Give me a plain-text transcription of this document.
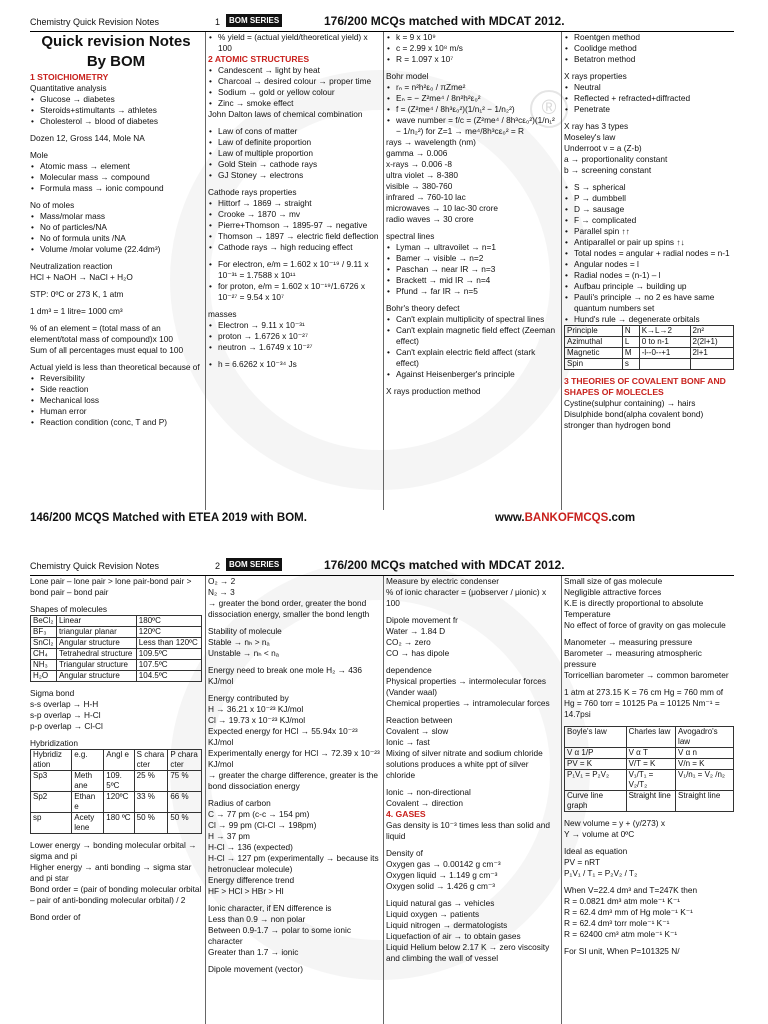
®
Chemistry Quick Revision Notes	1	BOM SERIES	176/200 MCQs matched with MDCAT 2012.
Quick revision Notes
By BOM
1 STOICHIOMETRY
Quantitative analysis
• Glucose → diabetes
• Steroids+stimultants → athletes
• Cholesterol → blood of diabetes
Dozen 12, Gross 144, Mole NA
Mole
• Atomic mass → element
• Molecular mass → compound
• Formula mass → ionic compound
No of moles
• Mass/molar mass
• No of particles/NA
• No of formula units /NA
• Volume /molar volume (22.4dm³)
Neutralization reaction
HCl + NaOH → NaCl + H₂O
STP: 0ºC or 273 K, 1 atm
1 dm³ = 1 litre= 1000 cm³
% of an element = (total mass of an element/total mass of compound)x 100
Sum of all percentages must equal to 100
Actual yield is less than theoretical because of
• Reversibility
• Side reaction
• Mechanical loss
• Human error
• Reaction condition (conc, T and P)
• % yield = (actual yield/theoretical yield) x 100
2 ATOMIC STRUCTURES
• Candescent → light by heat
• Charcoal → desired colour → proper time
• Sodium → gold or yellow colour
• Zinc → smoke effect
John Dalton laws of chemical combination
• Law of cons of matter
• Law of definite proportion
• Law of multiple proportion
• Gold Stein → cathode rays
• GJ Stoney → electrons
Cathode rays properties
• Hittorf → 1869 → straight
• Crooke → 1870 → mv
• Pierre+Thomson → 1895-97 → negative
• Thomson → 1897 → electric field deflection
• Cathode rays → high reducing effect
• For electron, e/m = 1.602 x 10⁻¹⁹ / 9.11 x 10⁻³¹ = 1.7588 x 10¹¹
• for proton, e/m = 1.602 x 10⁻¹⁹/1.6726 x 10⁻²⁷ = 9.54 x 10⁷
masses
• Electron → 9.11 x 10⁻³¹
• proton → 1.6726 x 10⁻²⁷
• neutron → 1.6749 x 10⁻²⁷
• h = 6.6262 x 10⁻³⁴ Js
• k = 9 x 10⁹
• c = 2.99 x 10⁸ m/s
• R = 1.097 x 10⁷
Bohr model
• rₙ = n²h²ε₀ / πZme²
• Eₙ = − Z²me⁴ / 8n²h²ε₀²
• f = (Z²me⁴ / 8h³ε₀²)(1/n₁² − 1/n₂²)
• wave number = f/c = (Z²me⁴ / 8h³cε₀²)(1/n₁² − 1/n₂²) for Z=1 → me⁴/8h³cε₀² = R
rays → wavelength (nm)
gamma → 0.006
x-rays → 0.006 -8
ultra violet → 8-380
visible → 380-760
infrared → 760-10 lac
microwaves → 10 lac-30 crore
radio waves → 30 crore
spectral lines
• Lyman → ultravoilet → n=1
• Bamer → visible → n=2
• Paschan → near IR → n=3
• Brackett → mid IR → n=4
• Pfund → far IR → n=5
Bohr's theory defect
• Can't explain multiplicity of spectral lines
• Can't explain magnetic field effect (Zeeman effect)
• Can't explain electric field affect (stark effect)
• Against Heisenberger's principle
X rays production method
• Roentgen method
• Coolidge method
• Betatron method
X rays properties
• Neutral
• Reflected + refracted+diffracted
• Penetrate
X ray has 3 types
Moseley's law
Underroot v = a (Z-b)
a → proportionality constant
b → screening constant
• S → spherical
• P → dumbbell
• D → sausage
• F → complicated
• Parallel spin ↑↑
• Antiparallel or pair up spins ↑↓
• Total nodes = angular + radial nodes = n-1
• Angular nodes = l
• Radial nodes = (n-1) – l
• Aufbau principle → building up
• Pauli's principle → no 2 es have same quantum numbers set
• Hund's rule → degenerate orbitals
Principle	N	K→L→2	2n²
Azimuthal	L	0 to n-1	2(2l+1)
Magnetic	M	-l--0--+1	2l+1
Spin	s		
3 THEORIES OF COVALENT BONF AND SHAPES OF MOLECLES
Cystine(sulphur containing) → hairs
Disulphide bond(alpha covalent bond) stronger than hydrogen bond
146/200 MCQS Matched with ETEA 2019 with BOM.	www.BANKOFMCQS.com
Chemistry Quick Revision Notes	2	BOM SERIES	176/200 MCQs matched with MDCAT 2012.
Lone pair – lone pair > lone pair-bond pair > bond pair – bond pair
Shapes of molecules
BeCl₂	Linear	180ºC
BF₃	triangular planar	120ºC
SnCl₂	Angular structure	Less than 120ºC
CH₄	Tetrahedral structure	109.5ºC
NH₃	Triangular structure	107.5ºC
H₂O	Angular structure	104.5ºC
Sigma bond
s-s overlap → H-H
s-p overlap → H-Cl
p-p overlap → Cl-Cl
Hybridization
Hybridiz ation	e.g.	Angl e	S chara cter	P chara cter
Sp3	Meth ane	109. 5ºC	25 %	75 %
Sp2	Ethan e	120ºC	33 %	66 %
sp	Acety lene	180 ºC	50 %	50 %
Lower energy → bonding molecular orbital → sigma and pi
Higher energy → anti bonding → sigma star and pi star
Bond order = (pair of bonding molecular orbital – pair of anti-bonding molecular orbital) / 2
Bond order of
O₂ → 2
N₂ → 3
→ greater the bond order, greater the bond dissociation energy, smaller the bond length
Stability of molecule
Stable → nₕ > nₐ
Unstable → nₕ < nₐ
Energy need to break one mole H₂ → 436 KJ/mol
Energy contributed by
H → 36.21 x 10⁻²³ KJ/mol
Cl → 19.73 x 10⁻²³ KJ/mol
Expected energy for HCl → 55.94x 10⁻²³ KJ/mol
Experimentally energy for HCl → 72.39 x 10⁻²³ KJ/mol
→ greater the charge difference, greater is the bond dissociation energy
Radius of carbon
C → 77 pm (c-c → 154 pm)
Cl → 99 pm (Cl-Cl → 198pm)
H → 37 pm
H-Cl → 136 (expected)
H-Cl → 127 pm (experimentally → because its hetronuclear molecule)
Energy difference trend
HF > HCl > HBr > HI
Ionic character, if EN difference is
Less than 0.9 → non polar
Between 0.9-1.7 → polar to some ionic character
Greater than 1.7 → ionic
Dipole movement (vector)
Measure by electric condenser
% of ionic character = (μobserver / μionic) x 100
Dipole movement fr
Water → 1.84 D
CO₂ → zero
CO → has dipole
dependence
Physical properties → intermolecular forces (Vander waal)
Chemical properties → intramolecular forces
Reaction between
Covalent → slow
Ionic → fast
Mixing of silver nitrate and sodium chloride solutions produces a white ppt of silver chloride
Ionic → non-directional
Covalent → direction
4. GASES
Gas density is 10⁻³ times less than solid and liquid
Density of
Oxygen gas → 0.00142 g cm⁻³
Oxygen liquid → 1.149 g cm⁻³
Oxygen solid → 1.426 g cm⁻³
Liquid natural gas → vehicles
Liquid oxygen → patients
Liquid nitrogen → dermatologists
Liquefaction of air → to obtain gases
Liquid Helium below 2.17 K → zero viscosity and climbing the wall of vessel
Small size of gas molecule
Negligible attractive forces
K.E is directly proportional to absolute Temperature
No effect of force of gravity on gas molecule
Manometer → measuring pressure
Barometer → measuring atmospheric pressure
Torricellian barometer → common barometer
1 atm at 273.15 K = 76 cm Hg = 760 mm of Hg = 760 torr = 10125 Pa = 10125 Nm⁻¹ = 14.7psi
Boyle's law	Charles law	Avogadro's law
V α 1/P	V α T	V α n
PV = K	V/T = K	V/n = K
P₁V₁ = P₂V₂	V₁/T₁ = V₂/T₂	V₁/n₁ = V₂ /n₂
Curve line graph	Straight line	Straight line
New volume = y + (y/273) x
Y → volume at 0ºC
Ideal as equation
PV = nRT
P₁V₁ / T₁ = P₂V₂ / T₂
When V=22.4 dm³ and T=247K then
R = 0.0821 dm³ atm mole⁻¹ K⁻¹
R = 62.4 dm³ mm of Hg mole⁻¹ K⁻¹
R = 62.4 dm³ torr mole⁻¹ K⁻¹
R = 62400 cm³ atm mole⁻¹ K⁻¹
For SI unit, When P=101325 N/
